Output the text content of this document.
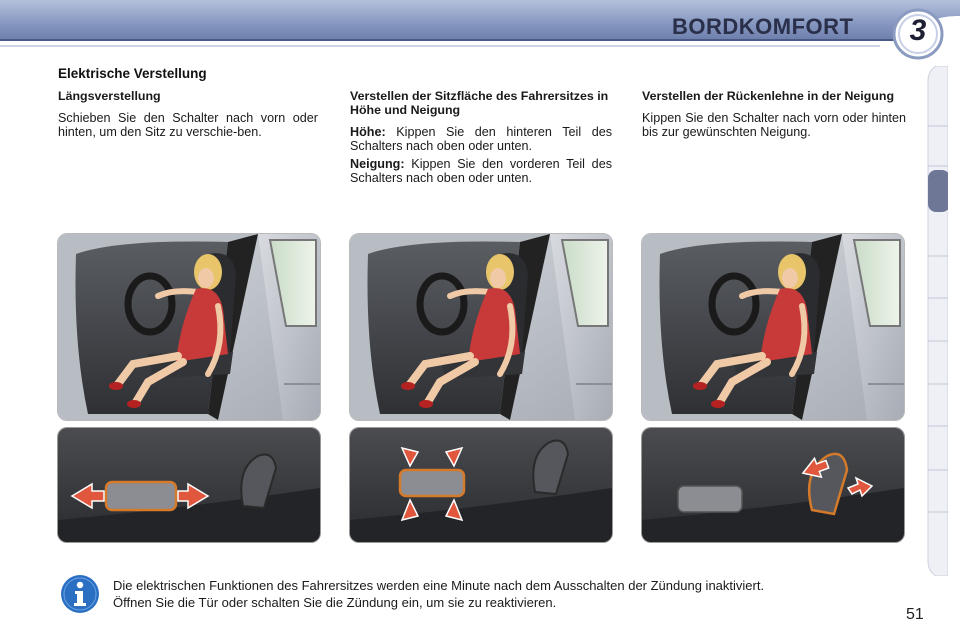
BORDKOMFORT	3
Elektrische Verstellung
Längsverstellung

Schieben Sie den Schalter nach vorn oder hinten, um den Sitz zu verschie-ben.

Verstellen der Sitzfläche des Fahrersitzes in Höhe und Neigung

Höhe: Kippen Sie den hinteren Teil des Schalters nach oben oder unten.

Neigung: Kippen Sie den vorderen Teil des Schalters nach oben oder unten.

Verstellen der Rückenlehne in der Neigung

Kippen Sie den Schalter nach vorn oder hinten bis zur gewünschten Neigung.

Die elektrischen Funktionen des Fahrersitzes werden eine Minute nach dem Ausschalten der Zündung inaktiviert.
Öffnen Sie die Tür oder schalten Sie die Zündung ein, um sie zu reaktivieren.
51
